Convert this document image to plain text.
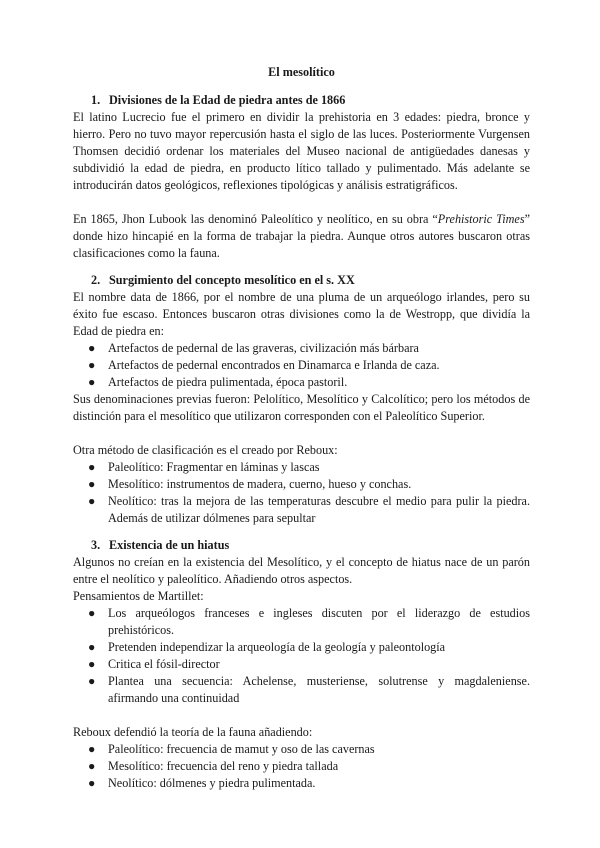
El mesolítico

1. Divisiones de la Edad de piedra antes de 1866

El latino Lucrecio fue el primero en dividir la prehistoria en 3 edades: piedra, bronce y hierro. Pero no tuvo mayor repercusión hasta el siglo de las luces. Posteriormente Vurgensen Thomsen decidió ordenar los materiales del Museo nacional de antigüedades danesas y subdividió la edad de piedra, en producto lítico tallado y pulimentado. Más adelante se introducirán datos geológicos, reflexiones tipológicas y análisis estratigráficos.

En 1865, Jhon Lubook las denominó Paleolítico y neolítico, en su obra “Prehistoric Times” donde hizo hincapié en la forma de trabajar la piedra. Aunque otros autores buscaron otras clasificaciones como la fauna.

2. Surgimiento del concepto mesolítico en el s. XX

El nombre data de 1866, por el nombre de una pluma de un arqueólogo irlandes, pero su éxito fue escaso. Entonces buscaron otras divisiones como la de Westropp, que dividía la Edad de piedra en:

● Artefactos de pedernal de las graveras, civilización más bárbara
● Artefactos de pedernal encontrados en Dinamarca e Irlanda de caza.
● Artefactos de piedra pulimentada, época pastoril.

Sus denominaciones previas fueron: Pelolítico, Mesolítico y Calcolítico; pero los métodos de distinción para el mesolítico que utilizaron corresponden con el Paleolítico Superior.

Otra método de clasificación es el creado por Reboux:

● Paleolítico: Fragmentar en láminas y lascas
● Mesolítico: instrumentos de madera, cuerno, hueso y conchas.
● Neolítico: tras la mejora de las temperaturas descubre el medio para pulir la piedra. Además de utilizar dólmenes para sepultar
3. Existencia de un hiatus

Algunos no creían en la existencia del Mesolítico, y el concepto de hiatus nace de un parón entre el neolítico y paleolítico. Añadiendo otros aspectos.

Pensamientos de Martillet:

● Los arqueólogos franceses e ingleses discuten por el liderazgo de estudios prehistóricos.
● Pretenden independizar la arqueología de la geología y paleontología
● Critica el fósil-director
● Plantea una secuencia: Achelense, musteriense, solutrense y magdaleniense. afirmando una continuidad

Reboux defendió la teoría de la fauna añadiendo:

● Paleolítico: frecuencia de mamut y oso de las cavernas
● Mesolítico: frecuencia del reno y piedra tallada
● Neolítico: dólmenes y piedra pulimentada.
